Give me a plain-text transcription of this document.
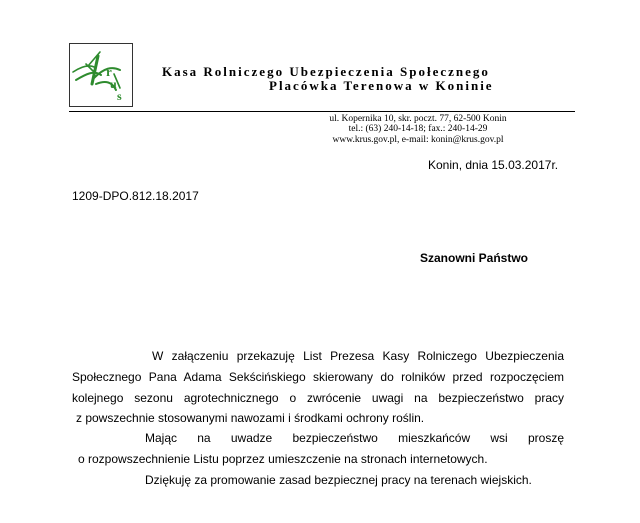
r
u
s
Kasa Rolniczego Ubezpieczenia Społecznego
Placówka Terenowa w Koninie
ul. Kopernika 10, skr. poczt. 77, 62-500 Konin
tel.: (63) 240-14-18; fax.: 240-14-29
www.krus.gov.pl, e-mail: konin@krus.gov.pl
Konin, dnia 15.03.2017r.
1209-DPO.812.18.2017
Szanowni Państwo
W załączeniu przekazuję List Prezesa Kasy Rolniczego Ubezpieczenia
Społecznego Pana Adama Sekścińskiego skierowany do rolników przed rozpoczęciem
kolejnego sezonu agrotechnicznego o zwrócenie uwagi na bezpieczeństwo pracy
z powszechnie stosowanymi nawozami i środkami ochrony roślin.
Mając na uwadze bezpieczeństwo mieszkańców wsi proszę
o rozpowszechnienie Listu poprzez umieszczenie na stronach internetowych.
Dziękuję za promowanie zasad bezpiecznej pracy na terenach wiejskich.
